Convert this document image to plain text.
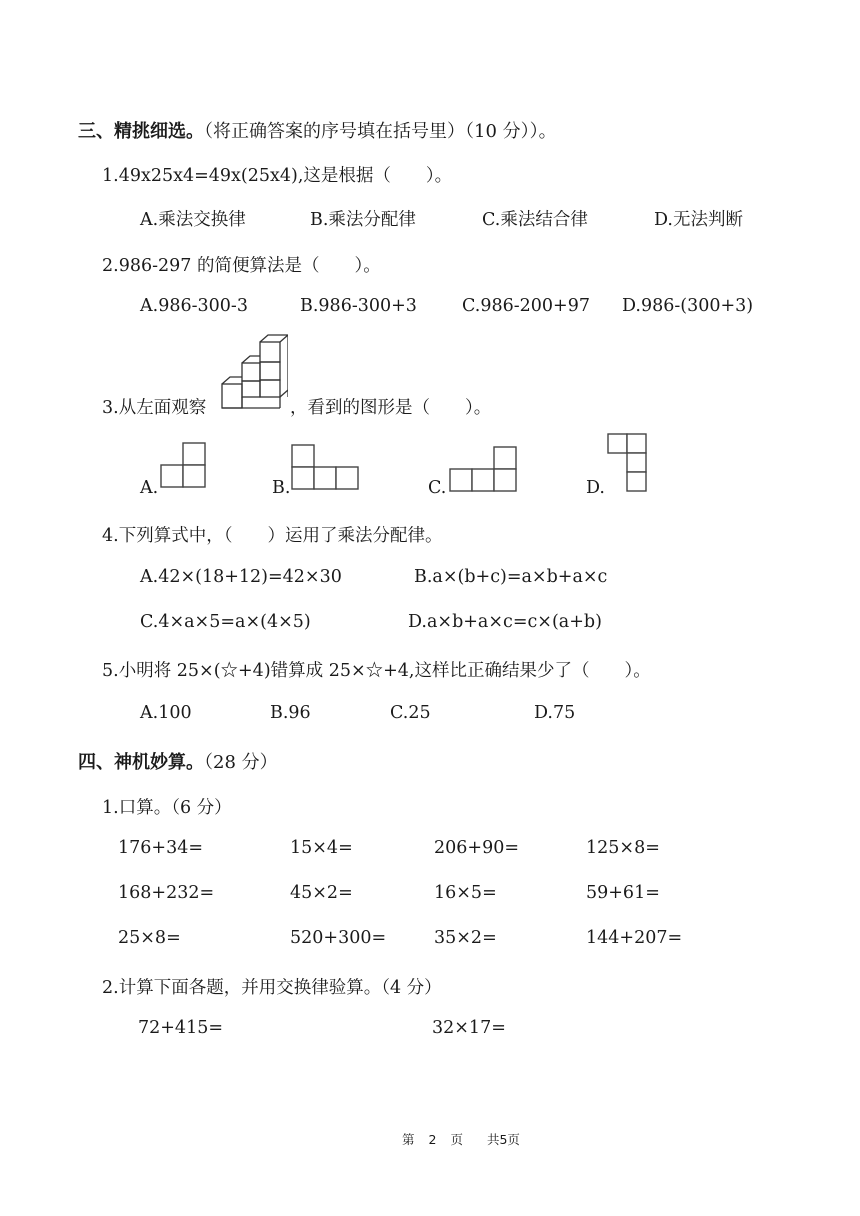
三、精挑细选。（将正确答案的序号填在括号里）（10 分））。
1.49x25x4=49x(25x4),这是根据（　　）。
A.乘法交换律	B.乘法分配律	C.乘法结合律	D.无法判断
2.986-297 的简便算法是（　　）。
A.986-300-3	B.986-300+3	C.986-200+97 D.986-(300+3)
3.从左面观察	，看到的图形是（　　）。
A.	B.	C.	D.
4.下列算式中，（　　）运用了乘法分配律。
A.42×(18+12)=42×30	B.a×(b+c)=a×b+a×c
C.4×a×5=a×(4×5)	D.a×b+a×c=c×(a+b)
5.小明将 25×(☆+4)错算成 25×☆+4,这样比正确结果少了（　　）。
A.100	B.96	C.25	D.75
四、神机妙算。（28 分）
1.口算。（6 分）
176+34=	15×4=	206+90=	125×8=
168+232=	45×2=	16×5=	59+61=
25×8=	520+300=	35×2=	144+207=
2.计算下面各题，并用交换律验算。（4 分）
72+415=	32×17=
第 2 页 共5页
